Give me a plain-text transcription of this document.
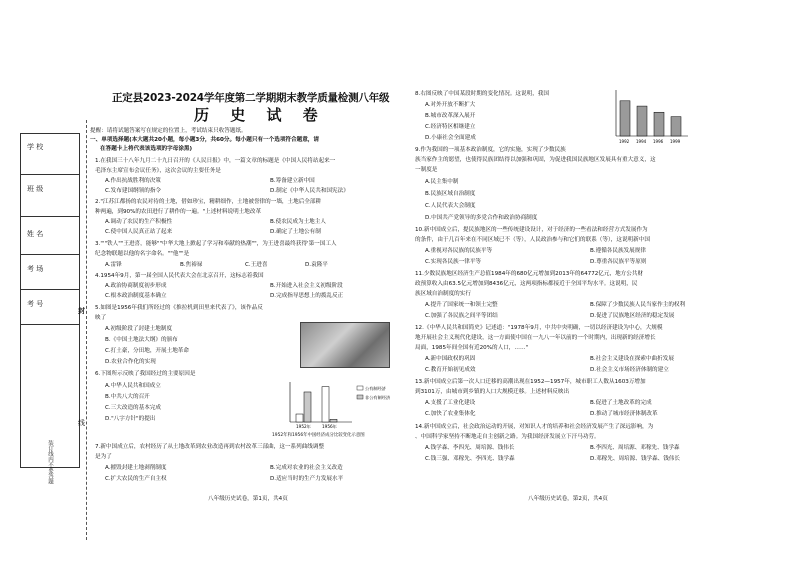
学 校
班 级
姓 名
考 场
考 号
装订线内不要答题
封
线
正定县2023-2024学年度第二学期期末教学质量检测八年级
历 史 试 卷
提醒：请将试题答案写在规定的位置上，考试结束只收答题纸。
一、单项选择题(本大题共20小题，每小题3分，共60分。每小题只有一个选项符合题意，请
在答题卡上将代表该选项的字母涂黑)
1.在我国三十八年九月二十九日召开的《人民日报》中，一篇文章的标题是《中国人民将站起来一
毛泽东主席宣布会议任务》，这次会议的主要任务是
A.作出抗战胜利的决策	B.筹备建立新中国
C.发布建国纲领的指令	D.制定《中华人民共和国宪法》
2."江苏江都扬的农民对待的土地，借如珍宝，精耕细作，土地被誉律的一墙，土地后全部耕
种两遍，到90%的农田进行了耕作的一遍。"上述材料说明土地改革
A.调动了农民的生产积极性	B.使农民成为土地主人
C.使中国人民真正站了起来	D.确定了土地公有制
3."'"铁人""王进喜，能够""中华大地上掀起了学习和奉献的热潮""，为王进喜最终获得'第一国工人
纪念物联题以他的名字命名。""他""是
A.雷锋	B.焦裕禄	C.王进喜	D.袁隆平
4.1954年9月，第一届全国人民代表大会在北京召开，这标志着我国
A.政治协商制度初步形成	B.开始进入社会主义初级阶段
C.根本政治制度基本确立	D.完成指导思想上的拨乱反正
5.如图是1956年我们所经过的《推拉机到田里来代表了》，该作品反
映了
A.初级阶段了封建土地制度
B.《中国土地法大纲》的颁布
C.打土豪，分田地，开展土地革命
D.农业合作化的实现
6.下图所示反映了我国经过的主要原因是
A.中华人民共和国成立
B.中共八大的召开
C.三大改造的基本完成
D."八字方针"的提出
公有制经济
非公有制经济
1952年	1956年
1952年和1956年中国经济成分比较变化示意图
7.新中国成立后，农村经历了从土地改革到农业改造再到农村改革三部曲，这一系列曲线调整
是为了
A.摧毁封建土地剥削制度	B.完成对农业的社会主义改造
C.扩大农民的生产自主权	D.适应当时的生产力发展水平
八年级历史试卷，第1页，共4页
8.右图反映了中国某段时期的变化情况。这说明，我国
A.对外开放不断扩大
B.城市改革深入展开
C.经济特区相继建立
D.小康社会全面建成
1992 1994 1996 1999
9.作为我国的一项基本政治制度，它的实施，实现了少数民族
族当家作主的愿望，也使得民族团结得以加强和巩固，为促进我国民族地区发展具有重大意义，这
一制度是
A.民主集中制
B.民族区域自治制度
C.人民代表大会制度
D.中国共产党领导的多党合作和政治协商制度
10.新中国成立后，提民族地区的一些传统建设设计，对于经济的一些看法和经营方式发展作为
的条件，由于几百年来在不同区域已不（等），人民政治参与和它们的联系（等），这说明新中国
A.重视对各民族的民族平等	B.遵循各民族发展规律
C.实现各民族一律平等	D.尊重各民族平等原则
11.少数民族地区经济生产总值1984年的680亿元增加到2013年的64772亿元，地方公共财
政预算收入由63.5亿元增加到8436亿元，这两项指标都接近于全国平均水平。这说明，民
族区域自治制度的实行
A.提升了国家统一和领土完整	B.保障了少数民族人民当家作主的权利
C.加强了各民族之间平等团结	D.促进了民族地区经济的稳定发展
12.《中华人民共和国简史》记述道："1978年9月，中共中央明确，一切以经济建设为中心，大规模
地开展社会主义现代化建设，这一方面使中国在一九八一年以前的一个时期内，出现新的经济增长
局面，1985年间全国有近20%的人口，……"
A.新中国政权的巩固	B.社会主义建设在探索中曲折发展
C.教育开始初见成效	D.社会主义市场经济体制的建立
13.新中国成立后第一次人口迁移的高潮出现在1952—1957年，城市职工人数从1603万增加
到3101万，由城市到乡镇的人口大规模迁移。上述材料反映出
A.支援了工业化建设	B.促进了土地改革的完成
C.加快了农业集体化	D.推动了城市经济体制改革
14.新中国成立后，社会政治运动的开展，对知识人才的培养和社会经济发展产生了深远影响，为
、中国科学家坚持不断地走自主创新之路。为我国经济发展立下汗马功劳。
A.钱学森、李四光、周培源、钱伟长	B.李四光、周培源、邓稼先、钱学森
C.钱三强、邓稼先、李四光、钱学森	D.邓稼先、周培源、钱学森、钱伟长
八年级历史试卷，第2页，共4页
